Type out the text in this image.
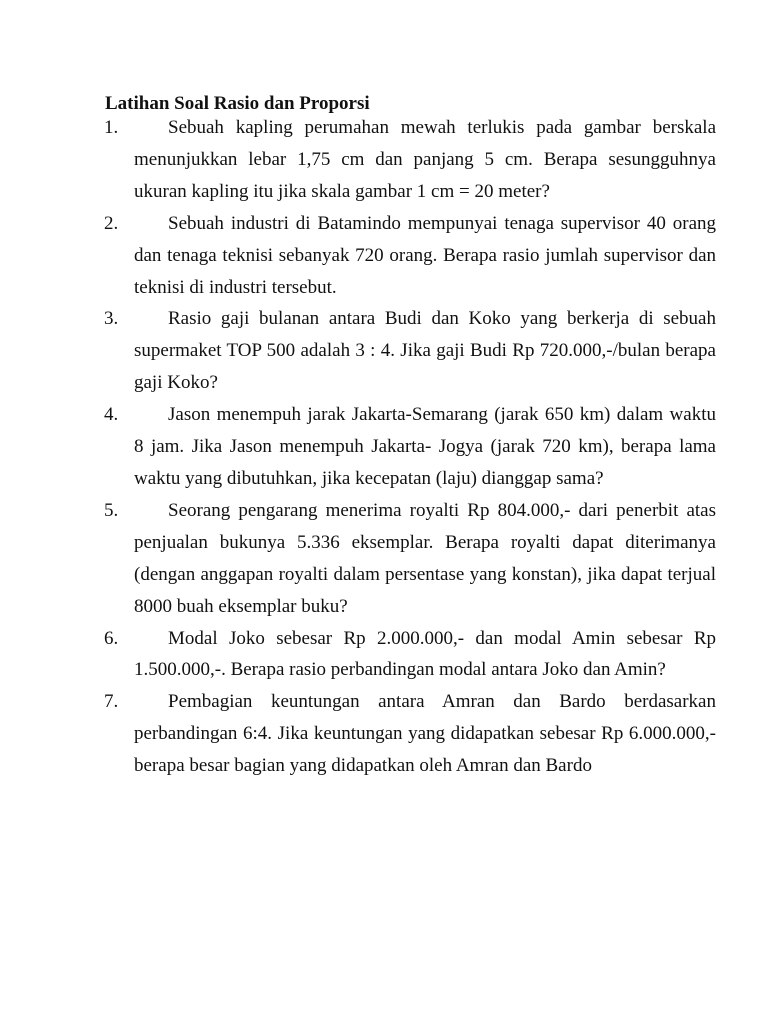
Latihan Soal Rasio dan Proporsi
1.	Sebuah kapling perumahan mewah terlukis pada gambar berskala menunjukkan lebar 1,75 cm dan panjang 5 cm. Berapa sesungguhnya ukuran kapling itu jika skala gambar 1 cm = 20 meter?
2.	Sebuah industri di Batamindo mempunyai tenaga supervisor 40 orang dan tenaga teknisi sebanyak 720 orang. Berapa rasio jumlah supervisor dan teknisi di industri tersebut.
3.	Rasio gaji bulanan antara Budi dan Koko yang berkerja di sebuah supermaket TOP 500 adalah 3 : 4. Jika gaji Budi Rp 720.000,-/bulan berapa gaji Koko?
4.	Jason menempuh jarak Jakarta-Semarang (jarak 650 km) dalam waktu 8 jam. Jika Jason menempuh Jakarta- Jogya (jarak 720 km), berapa lama waktu yang dibutuhkan, jika kecepatan (laju) dianggap sama?
5.	Seorang pengarang menerima royalti Rp 804.000,- dari penerbit atas penjualan bukunya 5.336 eksemplar. Berapa royalti dapat diterimanya (dengan anggapan royalti dalam persentase yang konstan), jika dapat terjual 8000 buah eksemplar buku?
6.	Modal Joko sebesar Rp 2.000.000,- dan modal Amin sebesar Rp 1.500.000,-. Berapa rasio perbandingan modal antara Joko dan Amin?
7.	Pembagian keuntungan antara Amran dan Bardo berdasarkan perbandingan 6:4. Jika keuntungan yang didapatkan sebesar Rp 6.000.000,- berapa besar bagian yang didapatkan oleh Amran dan Bardo
